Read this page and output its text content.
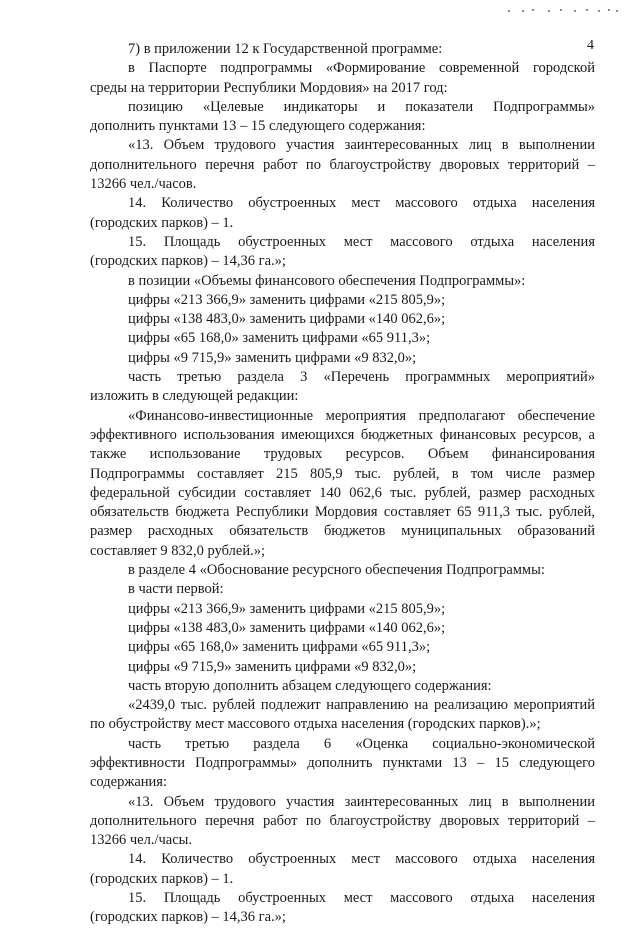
4
7) в приложении 12 к Государственной программе:
в Паспорте подпрограммы «Формирование современной городской
среды на территории Республики Мордовия» на 2017 год:
позицию «Целевые индикаторы и показатели Подпрограммы»
дополнить пунктами 13 – 15 следующего содержания:
«13. Объем трудового участия заинтересованных лиц в выполнении
дополнительного перечня работ по благоустройству дворовых территорий –
13266 чел./часов.
14. Количество обустроенных мест массового отдыха населения
(городских парков) – 1.
15. Площадь обустроенных мест массового отдыха населения
(городских парков) – 14,36 га.»;
в позиции «Объемы финансового обеспечения Подпрограммы»:
цифры «213 366,9» заменить цифрами «215 805,9»;
цифры «138 483,0» заменить цифрами «140 062,6»;
цифры «65 168,0» заменить цифрами «65 911,3»;
цифры «9 715,9» заменить цифрами «9 832,0»;
часть третью раздела 3 «Перечень программных мероприятий»
изложить в следующей редакции:
«Финансово-инвестиционные мероприятия предполагают обеспечение
эффективного использования имеющихся бюджетных финансовых ресурсов, а
также использование трудовых ресурсов. Объем финансирования
Подпрограммы составляет 215 805,9 тыс. рублей, в том числе размер
федеральной субсидии составляет 140 062,6 тыс. рублей, размер расходных
обязательств бюджета Республики Мордовия составляет 65 911,3 тыс. рублей,
размер расходных обязательств бюджетов муниципальных образований
составляет 9 832,0 рублей.»;
в разделе 4 «Обоснование ресурсного обеспечения Подпрограммы:
в части первой:
цифры «213 366,9» заменить цифрами «215 805,9»;
цифры «138 483,0» заменить цифрами «140 062,6»;
цифры «65 168,0» заменить цифрами «65 911,3»;
цифры «9 715,9» заменить цифрами «9 832,0»;
часть вторую дополнить абзацем следующего содержания:
«2439,0 тыс. рублей подлежит направлению на реализацию мероприятий
по обустройству мест массового отдыха населения (городских парков).»;
часть третью раздела 6 «Оценка социально-экономической
эффективности Подпрограммы» дополнить пунктами 13 – 15 следующего
содержания:
«13. Объем трудового участия заинтересованных лиц в выполнении
дополнительного перечня работ по благоустройству дворовых территорий –
13266 чел./часы.
14. Количество обустроенных мест массового отдыха населения
(городских парков) – 1.
15. Площадь обустроенных мест массового отдыха населения
(городских парков) – 14,36 га.»;
